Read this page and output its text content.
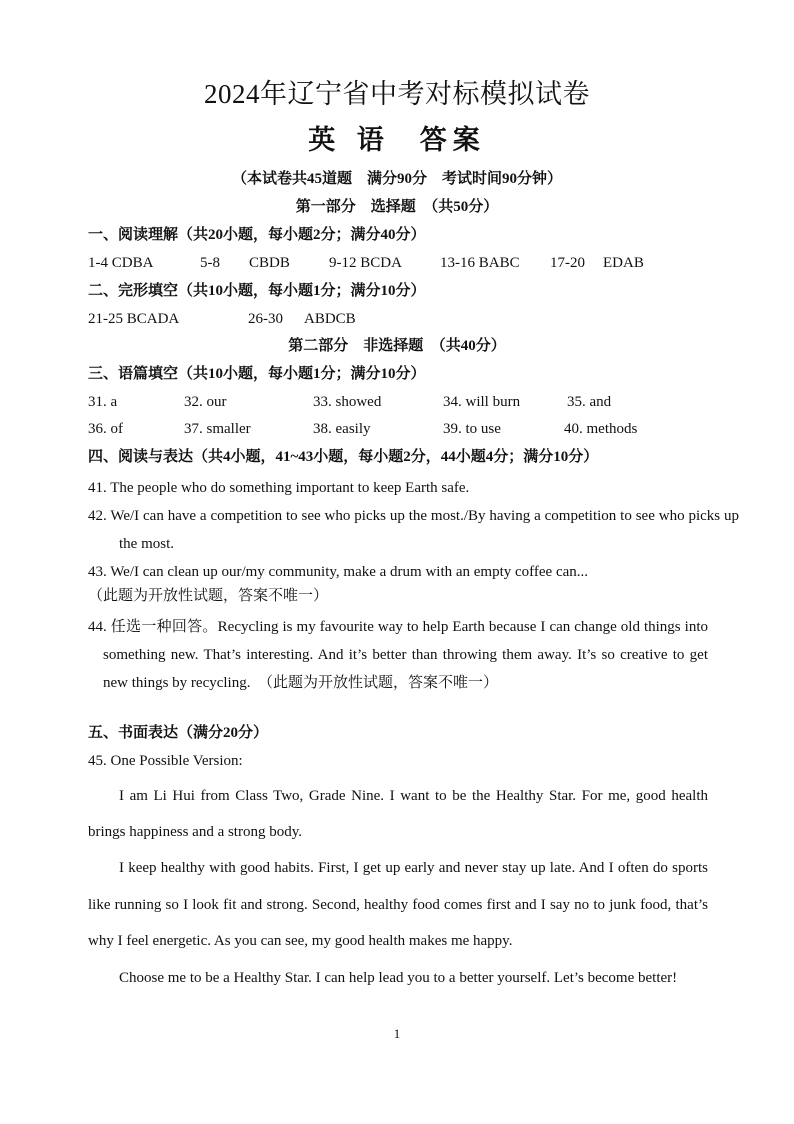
2024年辽宁省中考对标模拟试卷
英 语 答案
（本试卷共45道题　满分90分　考试时间90分钟）
第一部分　选择题　（共50分）
一、阅读理解（共20小题，每小题2分；满分40分）
1-4 CDBA	5-8 CBDB	9-12 BCDA	13-16 BABC 17-20 EDAB
二、完形填空（共10小题，每小题1分；满分10分）
21-25 BCADA	26-30 ABDCB
第二部分　非选择题　（共40分）
三、语篇填空（共10小题，每小题1分；满分10分）
31. a	32. our	33. showed	34. will burn	35. and
36. of	37. smaller	38. easily	39. to use	40. methods
四、阅读与表达（共4小题，41~43小题，每小题2分，44小题4分；满分10分）
41. The people who do something important to keep Earth safe.
42. We/I can have a competition to see who picks up the most./By having a competition to see who picks up the most.
43. We/I can clean up our/my community, make a drum with an empty coffee can...
（此题为开放性试题，答案不唯一）
44. 任选一种回答。Recycling is my favourite way to help Earth because I can change old things into something new. That’s interesting. And it’s better than throwing them away. It’s so creative to get new things by recycling.　（此题为开放性试题，答案不唯一）
五、书面表达（满分20分）
45. One Possible Version:
I am Li Hui from Class Two, Grade Nine. I want to be the Healthy Star. For me, good health brings happiness and a strong body.
I keep healthy with good habits. First, I get up early and never stay up late. And I often do sports like running so I look fit and strong. Second, healthy food comes first and I say no to junk food, that’s why I feel energetic. As you can see, my good health makes me happy.
Choose me to be a Healthy Star. I can help lead you to a better yourself. Let’s become better!
1
